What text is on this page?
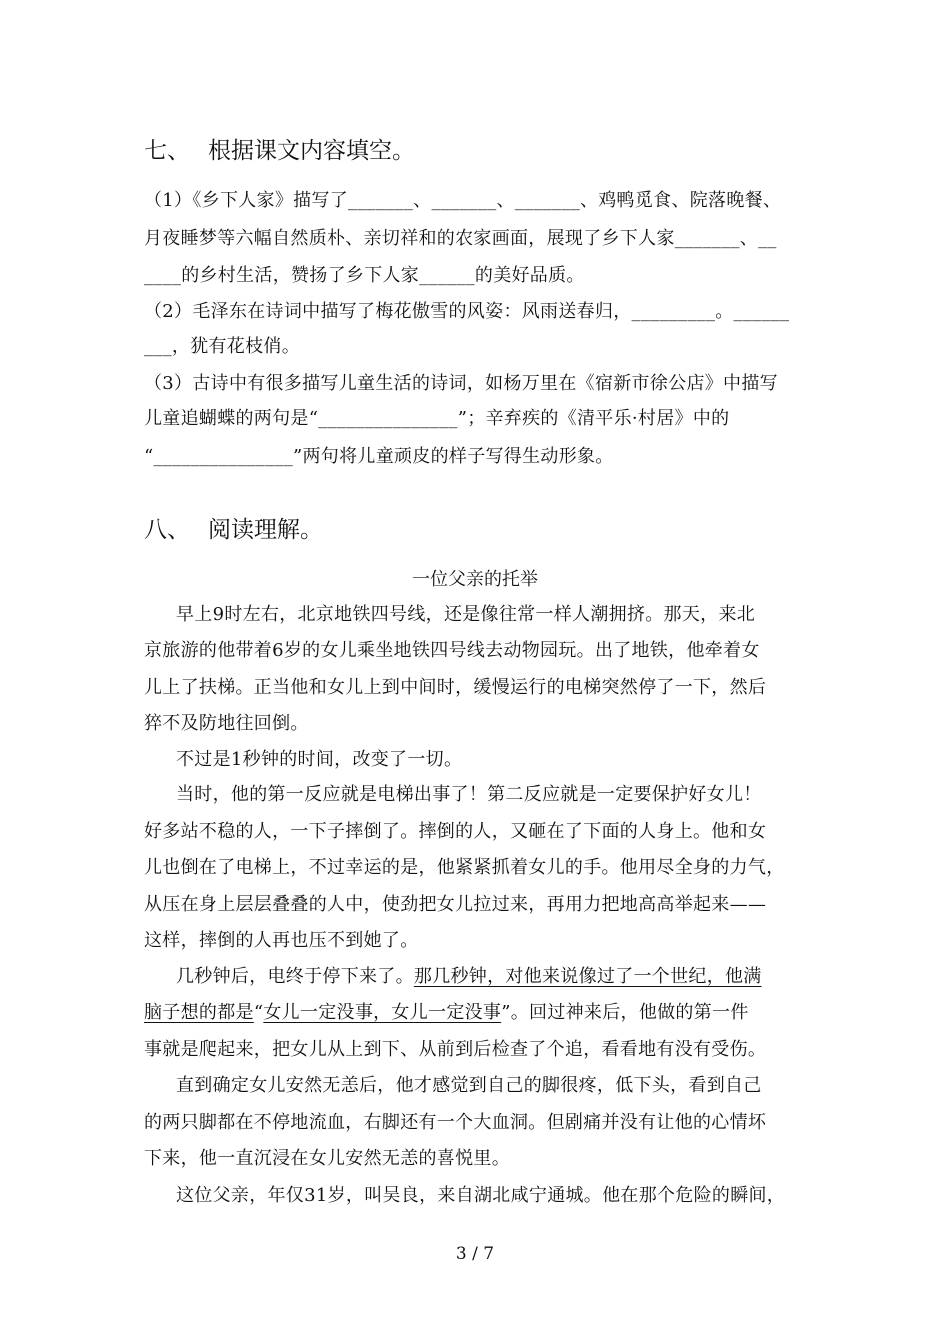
七、 根据课文内容填空。
（1）《乡下人家》描写了_______、_______、_______、鸡鸭觅食、院落晚餐、
月夜睡梦等六幅自然质朴、亲切祥和的农家画面，展现了乡下人家_______、__
____的乡村生活，赞扬了乡下人家______的美好品质。
（2）毛泽东在诗词中描写了梅花傲雪的风姿：风雨送春归，_________。______
___，犹有花枝俏。
（3）古诗中有很多描写儿童生活的诗词，如杨万里在《宿新市徐公店》中描写
儿童追蝴蝶的两句是“_______________”；辛弃疾的《清平乐·村居》中的
“_______________”两句将儿童顽皮的样子写得生动形象。
八、 阅读理解。
一位父亲的托举
早上9时左右，北京地铁四号线，还是像往常一样人潮拥挤。那天，来北
京旅游的他带着6岁的女儿乘坐地铁四号线去动物园玩。出了地铁，他牵着女
儿上了扶梯。正当他和女儿上到中间时，缓慢运行的电梯突然停了一下，然后
猝不及防地往回倒。
不过是1秒钟的时间，改变了一切。
当时，他的第一反应就是电梯出事了！第二反应就是一定要保护好女儿！
好多站不稳的人，一下子摔倒了。摔倒的人，又砸在了下面的人身上。他和女
儿也倒在了电梯上，不过幸运的是，他紧紧抓着女儿的手。他用尽全身的力气，
从压在身上层层叠叠的人中，使劲把女儿拉过来，再用力把地高高举起来——
这样，摔倒的人再也压不到她了。
几秒钟后，电终于停下来了。那几秒钟，对他来说像过了一个世纪，他满
脑子想的都是“女儿一定没事，女儿一定没事”。回过神来后，他做的第一件
事就是爬起来，把女儿从上到下、从前到后检查了个追，看看地有没有受伤。
直到确定女儿安然无恙后，他才感觉到自己的脚很疼，低下头，看到自己
的两只脚都在不停地流血，右脚还有一个大血洞。但剧痛并没有让他的心情坏
下来，他一直沉浸在女儿安然无恙的喜悦里。
这位父亲，年仅31岁，叫吴良，来自湖北咸宁通城。他在那个危险的瞬间，
3 / 7
